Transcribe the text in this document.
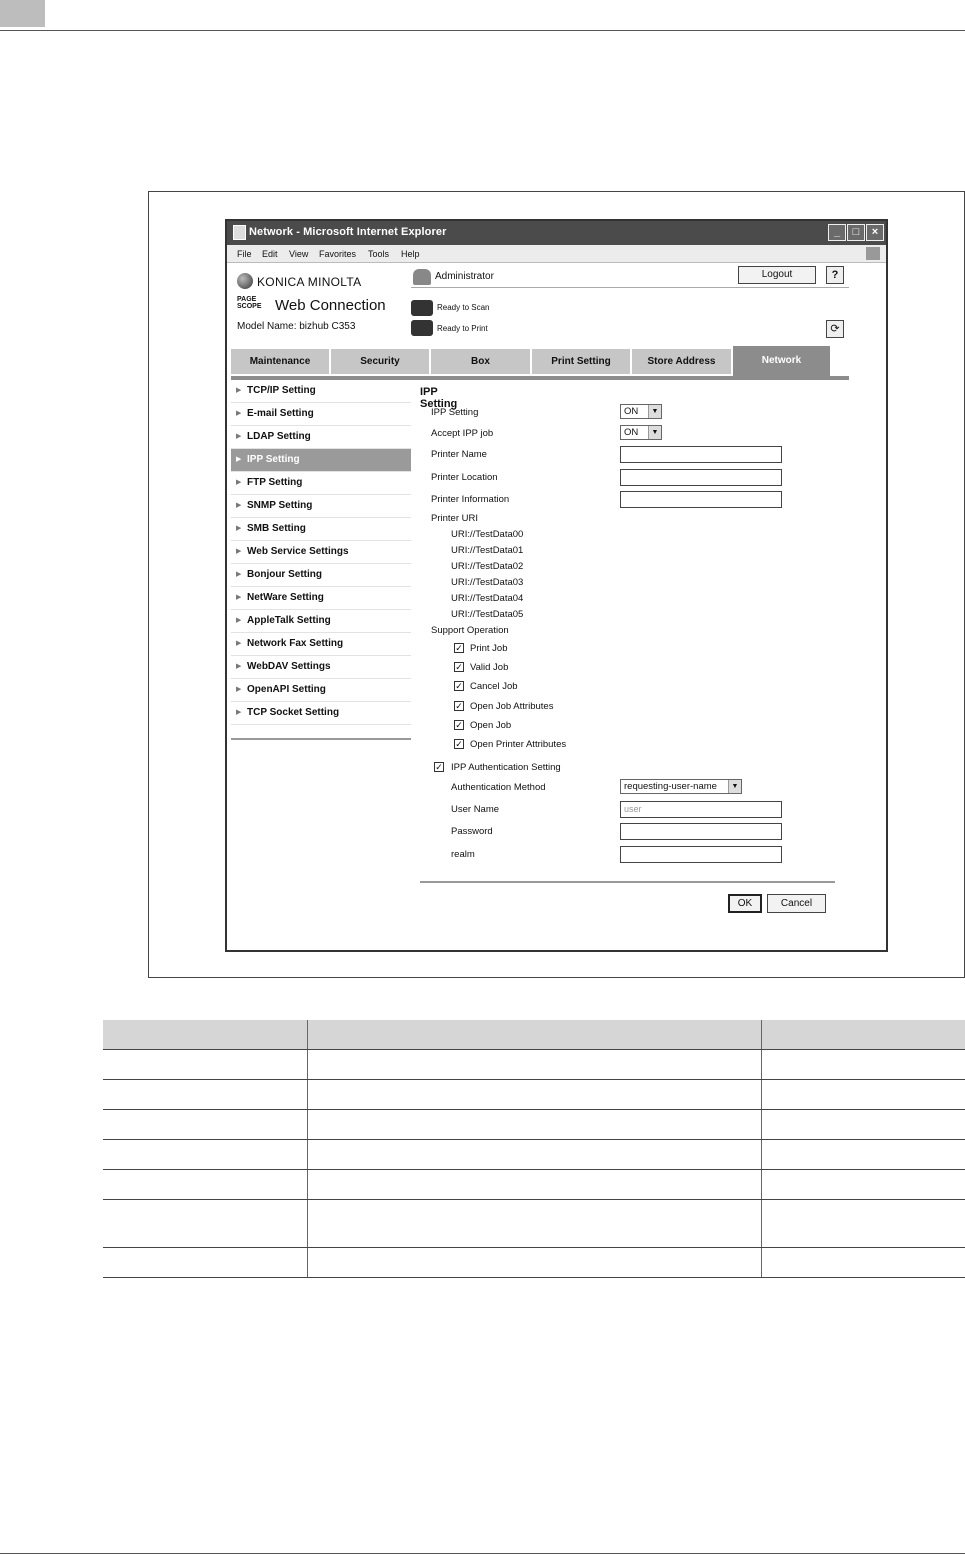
Network - Microsoft Internet Explorer	_	□	×
File Edit View Favorites Tools Help
KONICA MINOLTA
PAGE SCOPE Web Connection
Model Name: bizhub C353
Administrator	Logout	?
Ready to Scan
Ready to Print	⟳
Maintenance	Security	Box	Print Setting	Store Address	Network
▶ TCP/IP Setting
▶ E-mail Setting
▶ LDAP Setting
▶ IPP Setting
▶ FTP Setting
▶ SNMP Setting
▶ SMB Setting
▶ Web Service Settings
▶ Bonjour Setting
▶ NetWare Setting
▶ AppleTalk Setting
▶ Network Fax Setting
▶ WebDAV Settings
▶ OpenAPI Setting
▶ TCP Socket Setting
IPP Setting
IPP Setting	ON	▼
Accept IPP job	ON	▼
Printer Name
Printer Location
Printer Information
Printer URI
URI://TestData00
URI://TestData01
URI://TestData02
URI://TestData03
URI://TestData04
URI://TestData05
Support Operation
✓ Print Job
✓ Valid Job
✓ Cancel Job
✓ Open Job Attributes
✓ Open Job
✓ Open Printer Attributes
✓ IPP Authentication Setting
Authentication Method	requesting-user-name	▼
User Name	user
Password
realm
OK	Cancel
